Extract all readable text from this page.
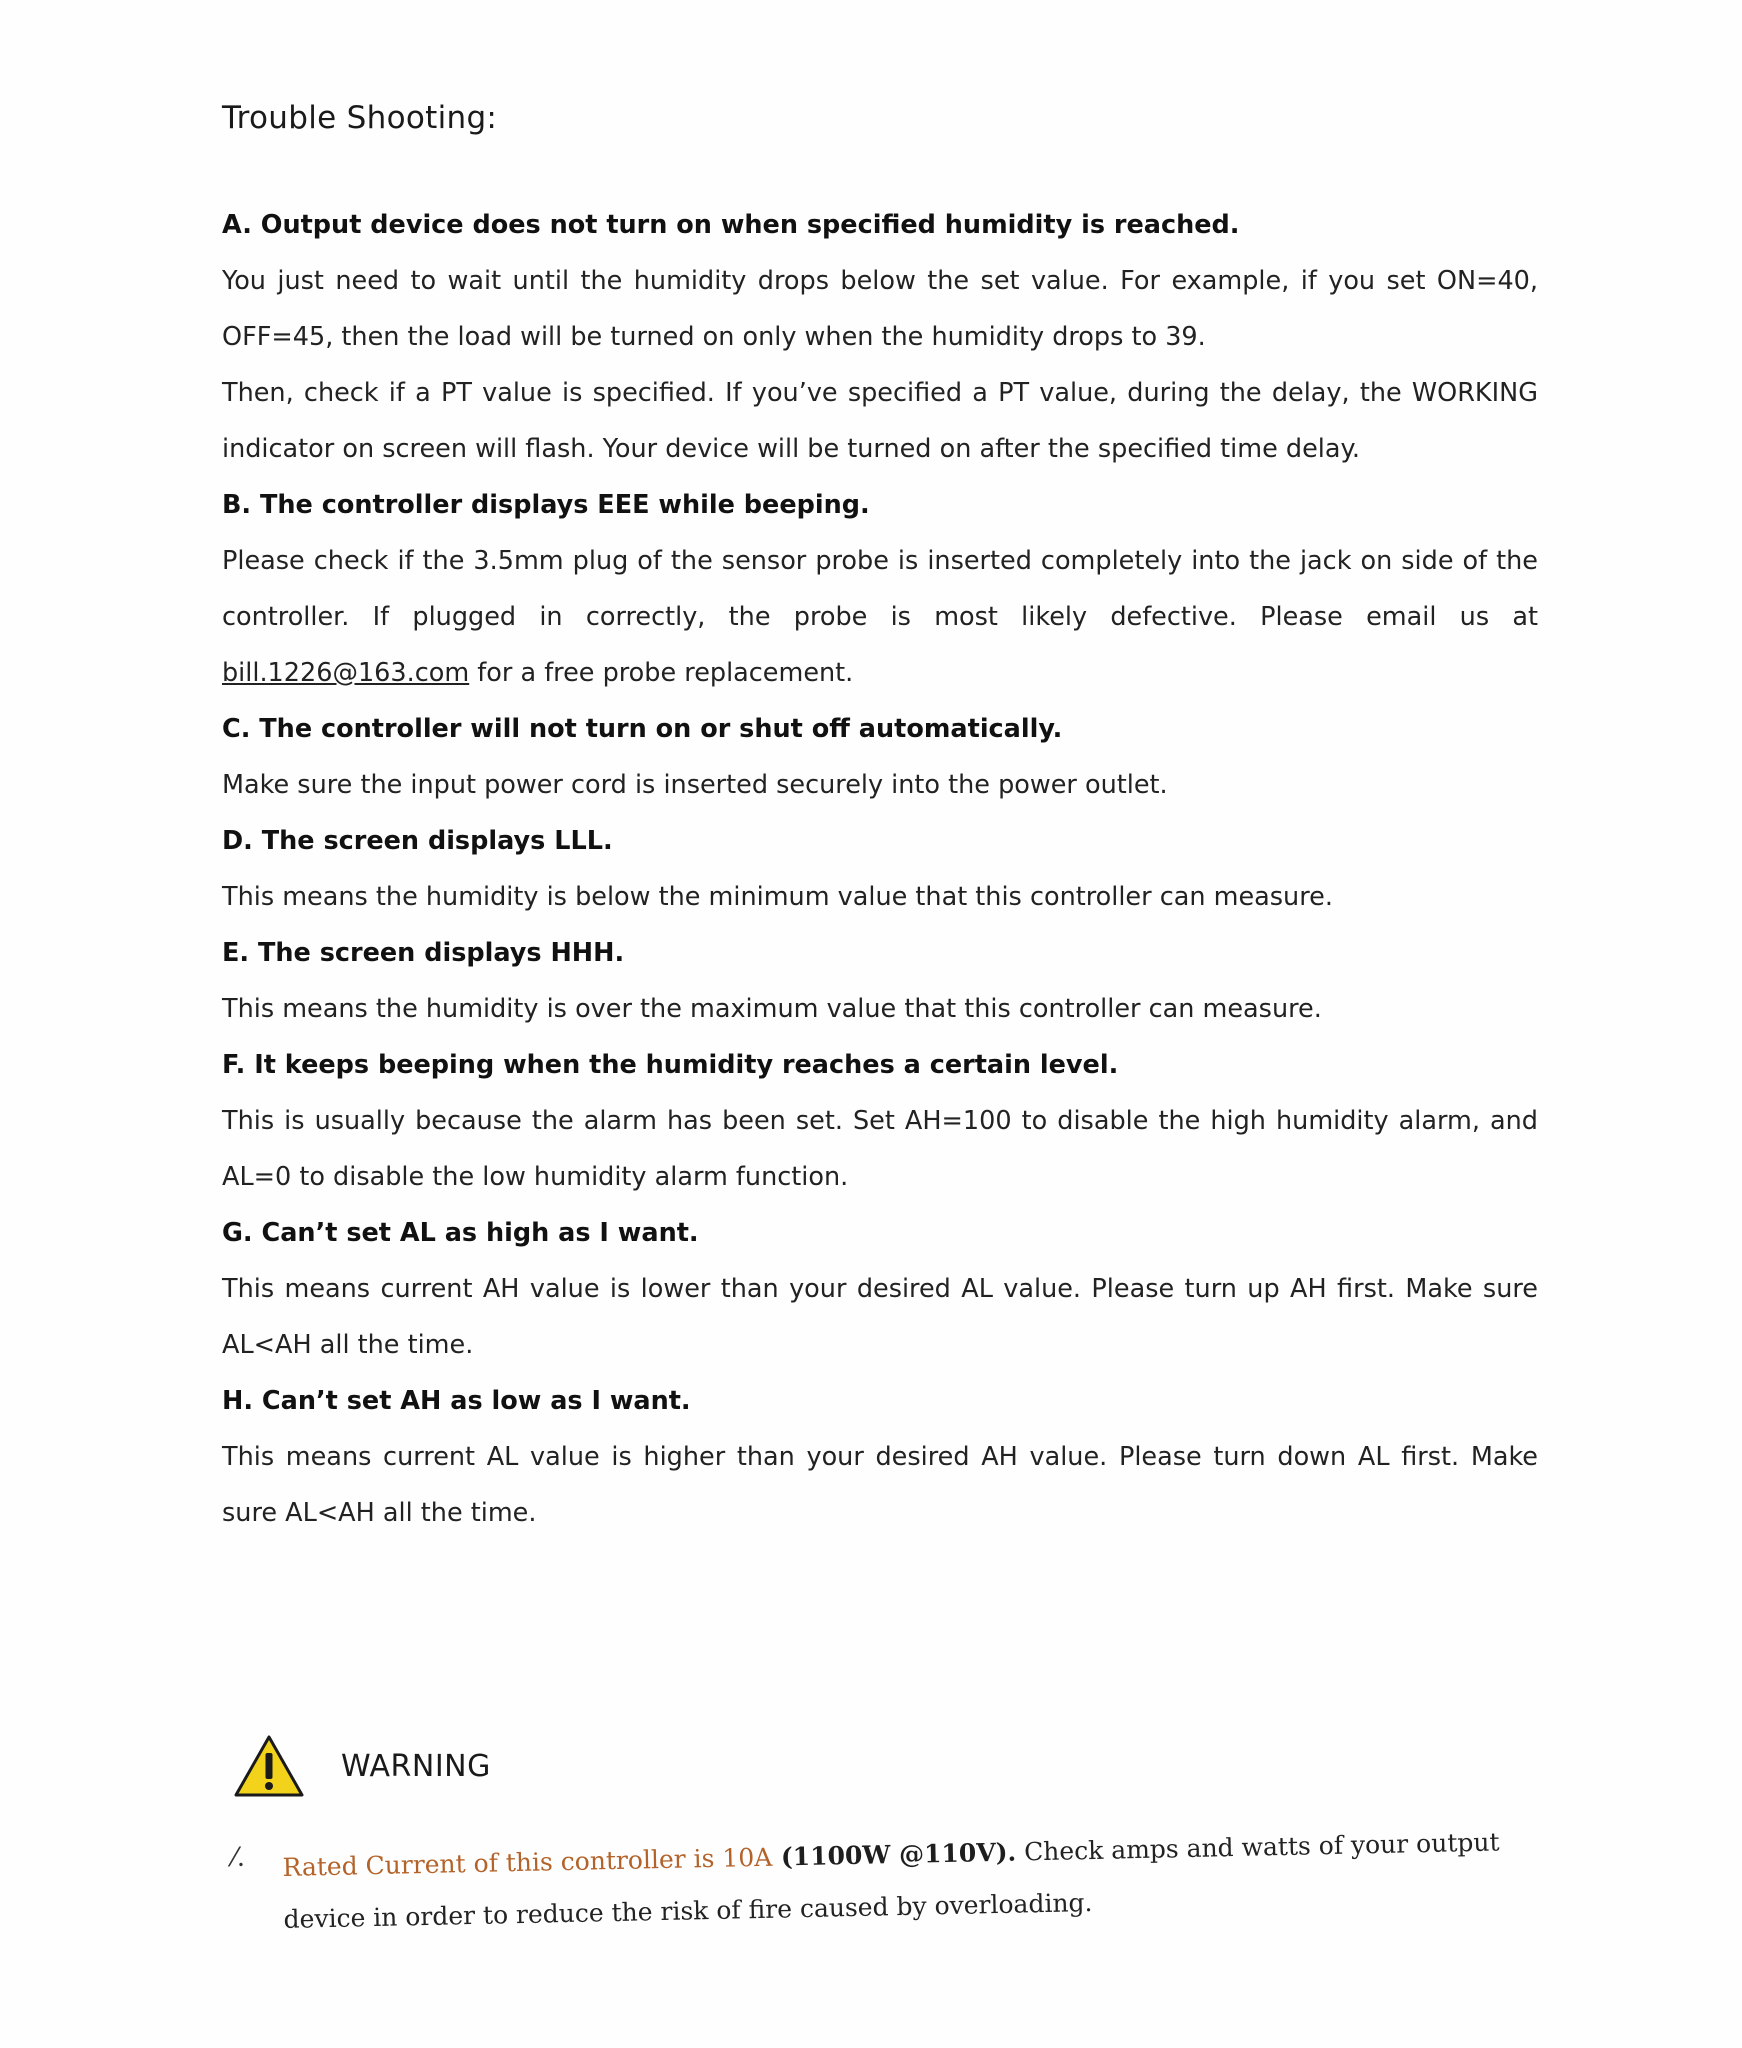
Trouble Shooting:
A. Output device does not turn on when specified humidity is reached.
You just need to wait until the humidity drops below the set value. For example, if you set ON=40, OFF=45, then the load will be turned on only when the humidity drops to 39.
Then, check if a PT value is specified. If you’ve specified a PT value, during the delay, the WORKING indicator on screen will flash. Your device will be turned on after the specified time delay.
B. The controller displays EEE while beeping.
Please check if the 3.5mm plug of the sensor probe is inserted completely into the jack on side of the controller. If plugged in correctly, the probe is most likely defective. Please email us at bill.1226@163.com for a free probe replacement.
C. The controller will not turn on or shut off automatically.
Make sure the input power cord is inserted securely into the power outlet.
D. The screen displays LLL.
This means the humidity is below the minimum value that this controller can measure.
E. The screen displays HHH.
This means the humidity is over the maximum value that this controller can measure.
F. It keeps beeping when the humidity reaches a certain level.
This is usually because the alarm has been set. Set AH=100 to disable the high humidity alarm, and AL=0 to disable the low humidity alarm function.
G. Can’t set AL as high as I want.
This means current AH value is lower than your desired AL value. Please turn up AH first. Make sure AL<AH all the time.
H. Can’t set AH as low as I want.
This means current AL value is higher than your desired AH value. Please turn down AL first. Make sure AL<AH all the time.
WARNING
⁄. Rated Current of this controller is 10A (1100W @110V). Check amps and watts of your output device in order to reduce the risk of fire caused by overloading.
